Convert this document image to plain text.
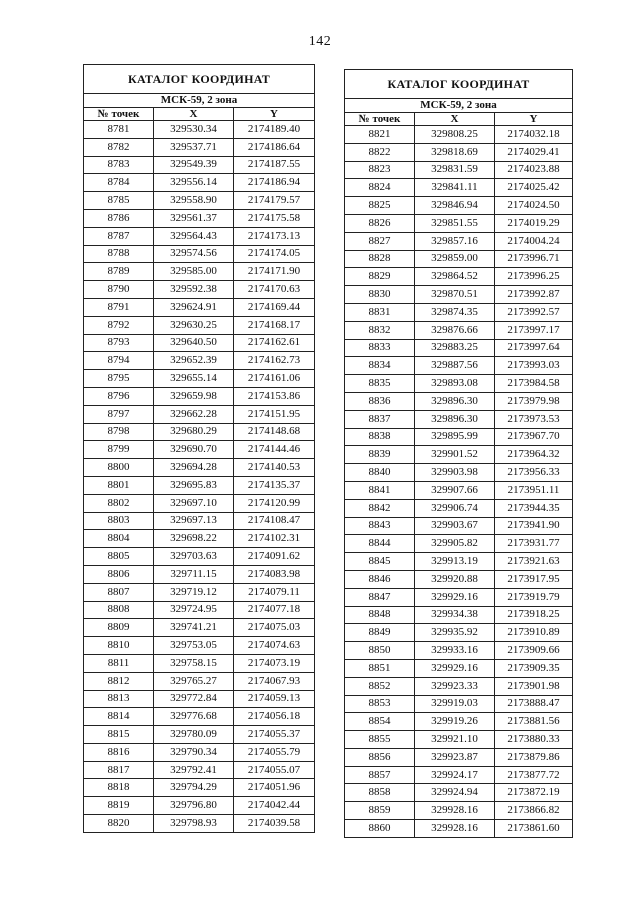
142
КАТАЛОГ КООРДИНАТ		
МСК-59, 2 зона		
№ точек	X	Y
8781	329530.34	2174189.40
8782	329537.71	2174186.64
8783	329549.39	2174187.55
8784	329556.14	2174186.94
8785	329558.90	2174179.57
8786	329561.37	2174175.58
8787	329564.43	2174173.13
8788	329574.56	2174174.05
8789	329585.00	2174171.90
8790	329592.38	2174170.63
8791	329624.91	2174169.44
8792	329630.25	2174168.17
8793	329640.50	2174162.61
8794	329652.39	2174162.73
8795	329655.14	2174161.06
8796	329659.98	2174153.86
8797	329662.28	2174151.95
8798	329680.29	2174148.68
8799	329690.70	2174144.46
8800	329694.28	2174140.53
8801	329695.83	2174135.37
8802	329697.10	2174120.99
8803	329697.13	2174108.47
8804	329698.22	2174102.31
8805	329703.63	2174091.62
8806	329711.15	2174083.98
8807	329719.12	2174079.11
8808	329724.95	2174077.18
8809	329741.21	2174075.03
8810	329753.05	2174074.63
8811	329758.15	2174073.19
8812	329765.27	2174067.93
8813	329772.84	2174059.13
8814	329776.68	2174056.18
8815	329780.09	2174055.37
8816	329790.34	2174055.79
8817	329792.41	2174055.07
8818	329794.29	2174051.96
8819	329796.80	2174042.44
8820	329798.93	2174039.58
КАТАЛОГ КООРДИНАТ		
МСК-59, 2 зона		
№ точек	X	Y
8821	329808.25	2174032.18
8822	329818.69	2174029.41
8823	329831.59	2174023.88
8824	329841.11	2174025.42
8825	329846.94	2174024.50
8826	329851.55	2174019.29
8827	329857.16	2174004.24
8828	329859.00	2173996.71
8829	329864.52	2173996.25
8830	329870.51	2173992.87
8831	329874.35	2173992.57
8832	329876.66	2173997.17
8833	329883.25	2173997.64
8834	329887.56	2173993.03
8835	329893.08	2173984.58
8836	329896.30	2173979.98
8837	329896.30	2173973.53
8838	329895.99	2173967.70
8839	329901.52	2173964.32
8840	329903.98	2173956.33
8841	329907.66	2173951.11
8842	329906.74	2173944.35
8843	329903.67	2173941.90
8844	329905.82	2173931.77
8845	329913.19	2173921.63
8846	329920.88	2173917.95
8847	329929.16	2173919.79
8848	329934.38	2173918.25
8849	329935.92	2173910.89
8850	329933.16	2173909.66
8851	329929.16	2173909.35
8852	329923.33	2173901.98
8853	329919.03	2173888.47
8854	329919.26	2173881.56
8855	329921.10	2173880.33
8856	329923.87	2173879.86
8857	329924.17	2173877.72
8858	329924.94	2173872.19
8859	329928.16	2173866.82
8860	329928.16	2173861.60
